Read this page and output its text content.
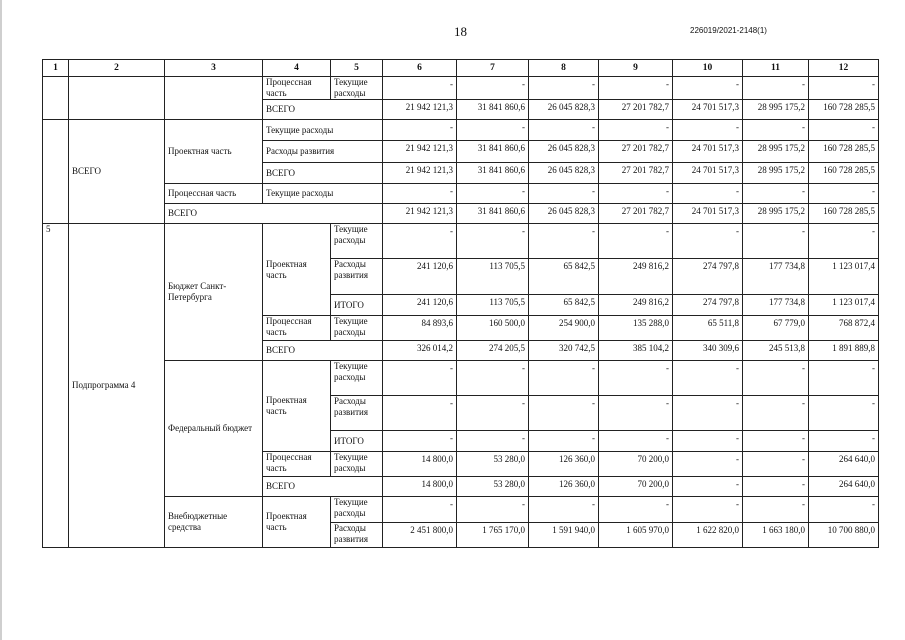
18	226019/2021-2148(1)
1	2	3	4	5	6	7	8	9	10	11	12
			Процессная часть	Текущие расходы	-	-	-	-	-	-	-
			ВСЕГО		21 942 121,3	31 841 860,6	26 045 828,3	27 201 782,7	24 701 517,3	28 995 175,2	160 728 285,5
	ВСЕГО	Проектная часть	Текущие расходы		-	-	-	-	-	-	-
			Расходы развития		21 942 121,3	31 841 860,6	26 045 828,3	27 201 782,7	24 701 517,3	28 995 175,2	160 728 285,5
			ВСЕГО		21 942 121,3	31 841 860,6	26 045 828,3	27 201 782,7	24 701 517,3	28 995 175,2	160 728 285,5
		Процессная часть	Текущие расходы		-	-	-	-	-	-	-
		ВСЕГО			21 942 121,3	31 841 860,6	26 045 828,3	27 201 782,7	24 701 517,3	28 995 175,2	160 728 285,5
5	Подпрограмма 4	Бюджет Санкт-Петербурга	Проектная часть	Текущие расходы	-	-	-	-	-	-	-
				Расходы развития	241 120,6	113 705,5	65 842,5	249 816,2	274 797,8	177 734,8	1 123 017,4
				ИТОГО	241 120,6	113 705,5	65 842,5	249 816,2	274 797,8	177 734,8	1 123 017,4
			Процессная часть	Текущие расходы	84 893,6	160 500,0	254 900,0	135 288,0	65 511,8	67 779,0	768 872,4
			ВСЕГО		326 014,2	274 205,5	320 742,5	385 104,2	340 309,6	245 513,8	1 891 889,8
		Федеральный бюджет	Проектная часть	Текущие расходы	-	-	-	-	-	-	-
				Расходы развития	-	-	-	-	-	-	-
				ИТОГО	-	-	-	-	-	-	-
			Процессная часть	Текущие расходы	14 800,0	53 280,0	126 360,0	70 200,0	-	-	264 640,0
			ВСЕГО		14 800,0	53 280,0	126 360,0	70 200,0	-	-	264 640,0
		Внебюджетные средства	Проектная часть	Текущие расходы	-	-	-	-	-	-	-
				Расходы развития	2 451 800,0	1 765 170,0	1 591 940,0	1 605 970,0	1 622 820,0	1 663 180,0	10 700 880,0
